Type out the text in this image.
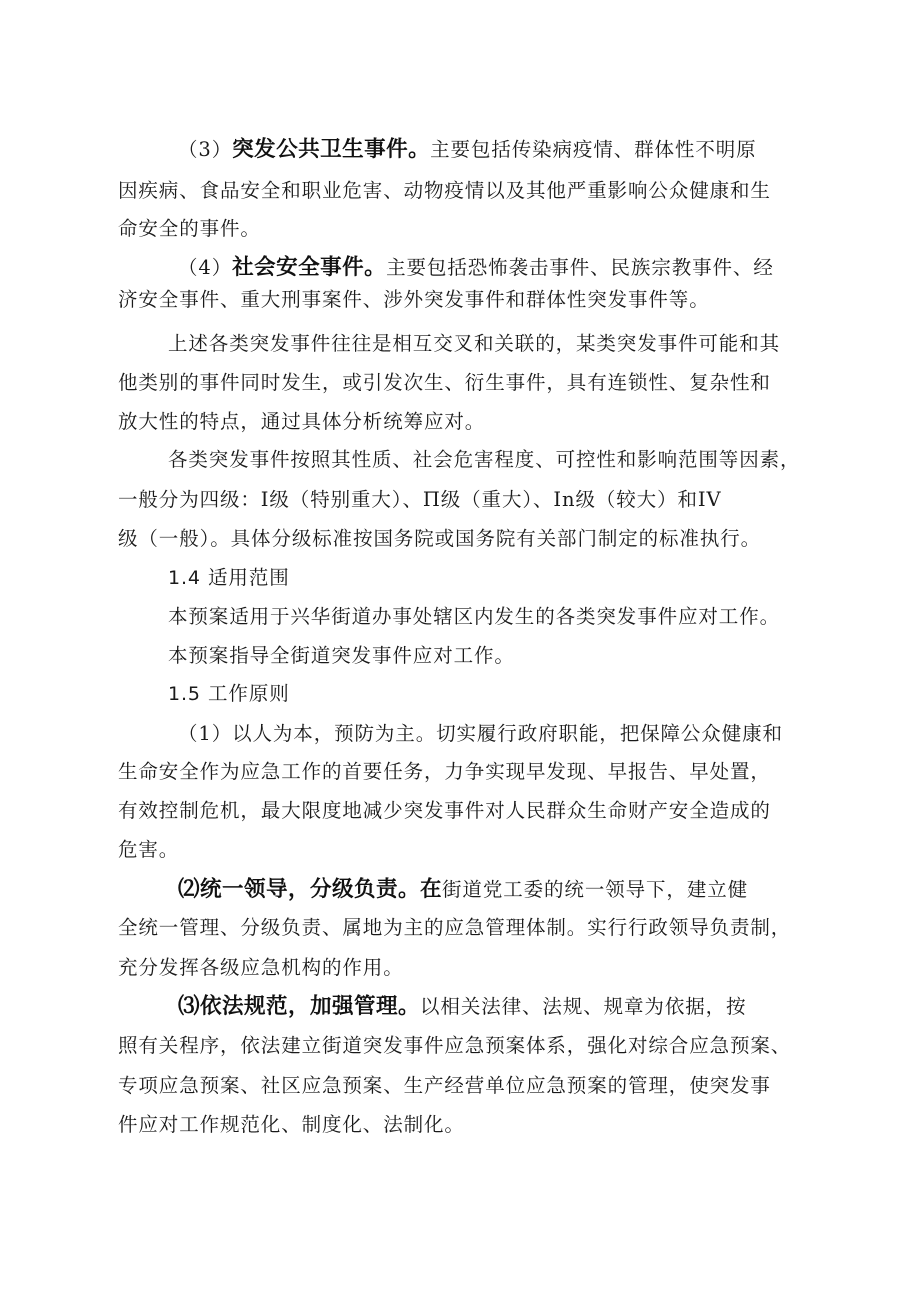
（3）突发公共卫生事件。主要包括传染病疫情、群体性不明原
因疾病、食品安全和职业危害、动物疫情以及其他严重影响公众健康和生
命安全的事件。
（4）社会安全事件。主要包括恐怖袭击事件、民族宗教事件、经
济安全事件、重大刑事案件、涉外突发事件和群体性突发事件等。
上述各类突发事件往往是相互交叉和关联的，某类突发事件可能和其
他类别的事件同时发生，或引发次生、衍生事件，具有连锁性、复杂性和
放大性的特点，通过具体分析统筹应对。
各类突发事件按照其性质、社会危害程度、可控性和影响范围等因素，
一般分为四级：I级（特别重大）、П级（重大）、In级（较大）和IV
级（一般）。具体分级标准按国务院或国务院有关部门制定的标准执行。
1.4 适用范围
本预案适用于兴华街道办事处辖区内发生的各类突发事件应对工作。
本预案指导全街道突发事件应对工作。
1.5 工作原则
（1）以人为本，预防为主。切实履行政府职能，把保障公众健康和
生命安全作为应急工作的首要任务，力争实现早发现、早报告、早处置，
有效控制危机，最大限度地减少突发事件对人民群众生命财产安全造成的
危害。
⑵统一领导，分级负责。在街道党工委的统一领导下，建立健
全统一管理、分级负责、属地为主的应急管理体制。实行行政领导负责制，
充分发挥各级应急机构的作用。
⑶依法规范，加强管理。以相关法律、法规、规章为依据，按
照有关程序，依法建立街道突发事件应急预案体系，强化对综合应急预案、
专项应急预案、社区应急预案、生产经营单位应急预案的管理，使突发事
件应对工作规范化、制度化、法制化。
